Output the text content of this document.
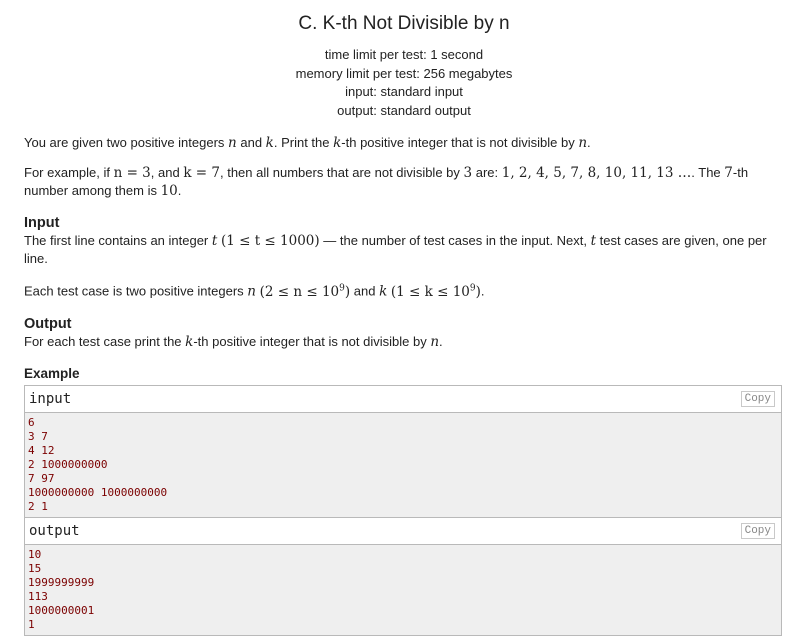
C. K-th Not Divisible by n
time limit per test: 1 second
memory limit per test: 256 megabytes
input: standard input
output: standard output

You are given two positive integers n and k. Print the k-th positive integer that is not divisible by n.

For example, if n = 3, and k = 7, then all numbers that are not divisible by 3 are: 1, 2, 4, 5, 7, 8, 10, 11, 13 …. The 7-th number among them is 10.

Input

The first line contains an integer t (1 ≤ t ≤ 1000) — the number of test cases in the input. Next, t test cases are given, one per line.

Each test case is two positive integers n $(2 \le n \le 10^9)$ and k $(1 \le k \le 10^9)$.

Output

For each test case print the k-th positive integer that is not divisible by n.

Example
input	Copy
6
3 7
4 12
2 1000000000
7 97
1000000000 1000000000
2 1
output	Copy
10
15
1999999999
113
1000000001
1
